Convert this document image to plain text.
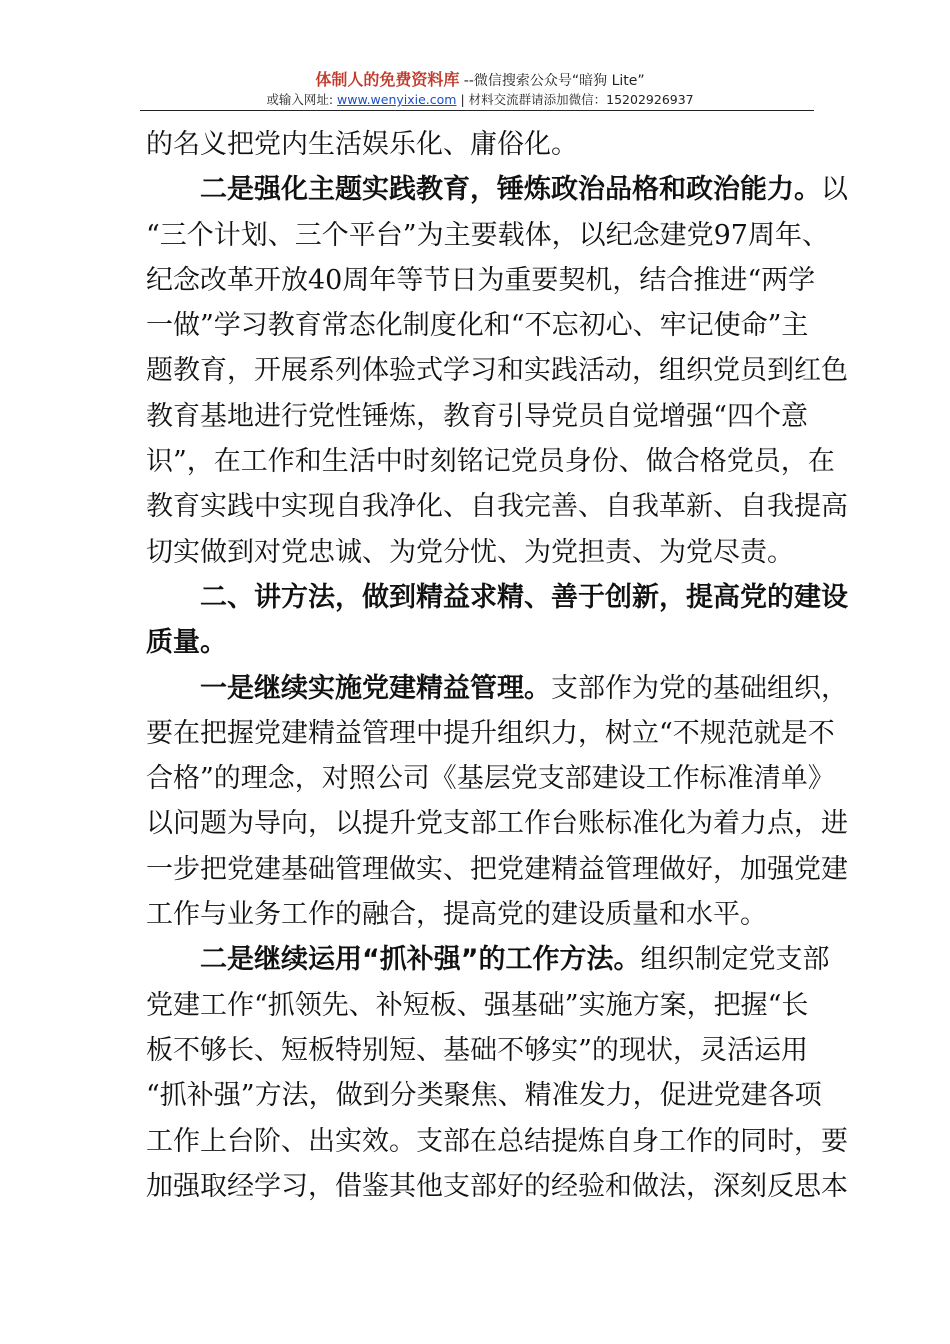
体制人的免费资料库 --微信搜索公众号“暗狗 Lite”
或输入网址: www.wenyixie.com | 材料交流群请添加微信：15202926937

的名义把党内生活娱乐化、庸俗化。

二是强化主题实践教育，锤炼政治品格和政治能力。以
“三个计划、三个平台”为主要载体，以纪念建党97周年、
纪念改革开放40周年等节日为重要契机，结合推进“两学
一做”学习教育常态化制度化和“不忘初心、牢记使命”主
题教育，开展系列体验式学习和实践活动，组织党员到红色
教育基地进行党性锤炼，教育引导党员自觉增强“四个意
识”，在工作和生活中时刻铭记党员身份、做合格党员，在
教育实践中实现自我净化、自我完善、自我革新、自我提高
切实做到对党忠诚、为党分忧、为党担责、为党尽责。

二、讲方法，做到精益求精、善于创新，提高党的建设
质量。

一是继续实施党建精益管理。支部作为党的基础组织，
要在把握党建精益管理中提升组织力，树立“不规范就是不
合格”的理念，对照公司《基层党支部建设工作标准清单》
以问题为导向，以提升党支部工作台账标准化为着力点，进
一步把党建基础管理做实、把党建精益管理做好，加强党建
工作与业务工作的融合，提高党的建设质量和水平。

二是继续运用“抓补强”的工作方法。组织制定党支部
党建工作“抓领先、补短板、强基础”实施方案，把握“长
板不够长、短板特别短、基础不够实”的现状，灵活运用
“抓补强”方法，做到分类聚焦、精准发力，促进党建各项
工作上台阶、出实效。支部在总结提炼自身工作的同时，要
加强取经学习，借鉴其他支部好的经验和做法，深刻反思本
